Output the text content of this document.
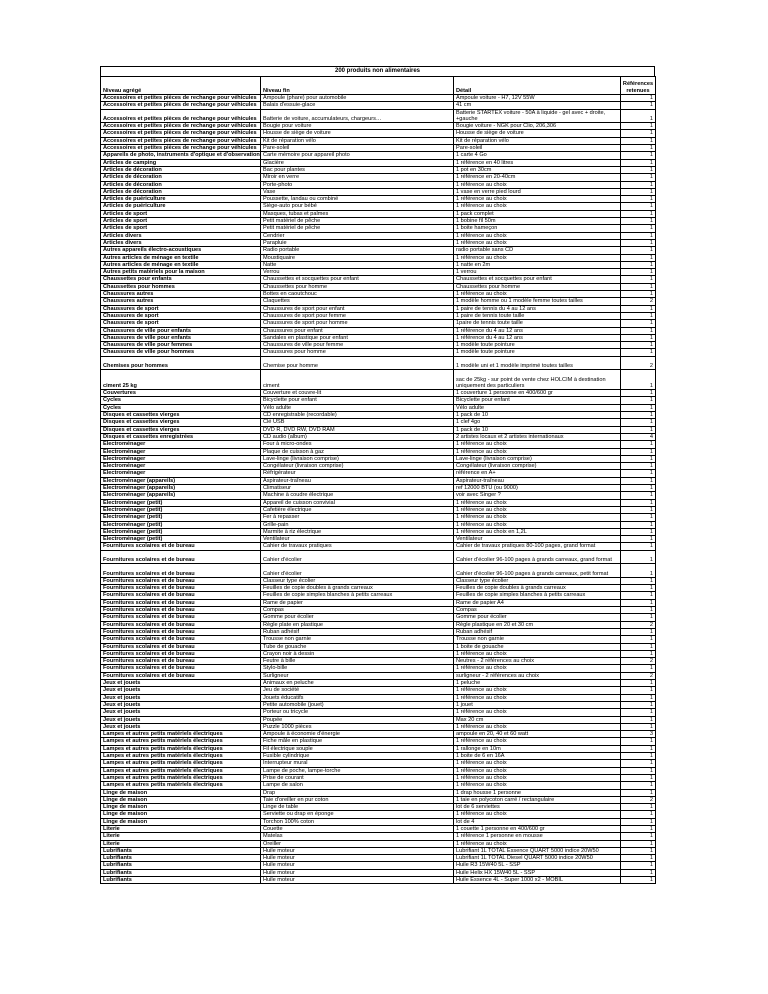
200 produits non alimentaires
Niveau agrégé	Niveau fin	Détail	Références retenues
Accessoires et petites pièces de rechange pour véhicules	Ampoule (phare) pour automobile	Ampoule voiture - H7, 12V 55W	1
Accessoires et petites pièces de rechange pour véhicules	Balais d'essuie-glace	41 cm	1
Accessoires et petites pièces de rechange pour véhicules	Batterie de voiture, accumulateurs, chargeurs…	Batterie STARTEX voiture - 50A à liquide - gel avec + droite, +gauche	1
Accessoires et petites pièces de rechange pour véhicules	Bougie pour voiture	Bougie voiture - NGK pour Clio, 206,306	1
Accessoires et petites pièces de rechange pour véhicules	Housse de siège de voiture	Housse de siège de voiture	1
Accessoires et petites pièces de rechange pour véhicules	Kit de réparation vélo	Kit de réparation vélo	1
Accessoires et petites pièces de rechange pour véhicules	Pare-soleil	Pare-soleil	1
Appareils de photo, instruments d'optique et d'observation	Carte mémoire pour appareil photo	1 carte 4 Go	1
Articles de camping	Glacière	1 référence en 40 litres	1
Articles de décoration	Bac pour plantes	1 pot en 30cm	1
Articles de décoration	Miroir en verre	1 référence en 20-40cm	1
Articles de décoration	Porte-photo	1 référence au choix	1
Articles de décoration	Vase	1 vase en verre pied lourd	1
Articles de puériculture	Poussette, landau ou combiné	1 référence au choix	1
Articles de puériculture	Siège-auto pour bébé	1 référence au choix	1
Articles de sport	Masques, tubas et palmes	1 pack complet	1
Articles de sport	Petit matériel de pêche	1 bobine fil 50m	1
Articles de sport	Petit matériel de pêche	1 boite hameçon	1
Articles divers	Cendrier	1 référence au choix	1
Articles divers	Parapluie	1 référence au choix	1
Autres appareils électro-acoustiques	Radio portable	radio portable sans CD	1
Autres articles de ménage en textile	Moustiquaire	1 référence au choix	1
Autres articles de ménage en textile	Natte	1 natte en 2m	1
Autres petits matériels pour la maison	Verrou	1 verrou	1
Chaussettes pour enfants	Chaussettes et socquettes pour enfant	Chaussettes et socquettes pour enfant	1
Chaussettes pour hommes	Chaussettes pour homme	Chaussettes pour homme	1
Chaussures autres	Bottes en caoutchouc	1 référence au choix	1
Chaussures autres	Claquettes	1 modèle homme ou 1 modèle femme toutes tailles	2
Chaussures de sport	Chaussures de sport pour enfant	1 paire de tennis du 4 au 12 ans	1
Chaussures de sport	Chaussures de sport pour femme	1 paire de tennis toute taille	1
Chaussures de sport	Chaussures de sport pour homme	1paire de tennis toute taille	1
Chaussures de ville pour enfants	Chaussures pour enfant	1 référence du 4 au 12 ans	1
Chaussures de ville pour enfants	Sandales en plastique pour enfant	1 référence du 4 au 12 ans	1
Chaussures de ville pour femmes	Chaussures de ville pour femme	1 modèle toute pointure	1
Chaussures de ville pour hommes	Chaussures pour homme	1 modèle toute pointure	1
Chemises pour hommes	Chemise pour homme	1 modèle uni et 1 modèle imprimé toutes tailles	2
ciment 25 kg	ciment	sac de 25kg - sur point de vente chez HOLCIM à destination uniquement des particuliers	1
Couvertures	Couverture et couvre-lit	1 couverture 1 personne en 400/600 gr	1
Cycles	Bicyclette pour enfant	Bicyclette pour enfant	1
Cycles	Vélo adulte	Vélo adulte	1
Disques et cassettes vierges	CD enregistrable (recordable)	1 pack de 10	1
Disques et cassettes vierges	Clé USB	1 clef 4go	1
Disques et cassettes vierges	DVD R, DVD RW, DVD RAM	1 pack de 10	1
Disques et cassettes enregistrées	CD audio (album)	2 artistes locaux et 2 artistes internationaux	4
Electroménager	Four à micro-ondes	1 référence au choix	1
Electroménager	Plaque de cuisson à gaz	1 référence au choix	1
Electroménager	Lave-linge (livraison comprise)	Lave-linge (livraison comprise)	1
Electroménager	Congélateur (livraison comprise)	Congélateur (livraison comprise)	1
Electroménager	Réfrigérateur	référence en A+	1
Electroménager (appareils)	Aspirateur-traîneau	Aspirateur-traîneau	1
Electroménager (appareils)	Climatiseur	ref 12000 BTU (ou 9000)	1
Electroménager (appareils)	Machine à coudre électrique	voir avec Singer ?	1
Electroménager (petit)	Appareil de cuisson convivial	1 référence au choix	1
Electroménager (petit)	Cafetière électrique	1 référence au choix	1
Electroménager (petit)	Fer à repasser	1 référence au choix	1
Electroménager (petit)	Grille-pain	1 référence au choix	1
Electroménager (petit)	Marmite à riz électrique	1 référence au choix en 1,2L	1
Electroménager (petit)	Ventilateur	Ventilateur	1
Fournitures scolaires et de bureau	Cahier de travaux pratiques	Cahier de travaux pratiques 80-100 pages, grand format	1
Fournitures scolaires et de bureau	Cahier d'écolier	Cahier d'écolier 96-100 pages à grands carreaux, grand format	1
Fournitures scolaires et de bureau	Cahier d'écolier	Cahier d'écolier 96-100 pages à grands carreaux, petit format	1
Fournitures scolaires et de bureau	Classeur type écolier	Classeur type écolier	1
Fournitures scolaires et de bureau	Feuilles de copie doubles à grands carreaux	Feuilles de copie doubles à grands carreaux	1
Fournitures scolaires et de bureau	Feuilles de copie simples blanches à petits carreaux	Feuilles de copie simples blanches à petits carreaux	1
Fournitures scolaires et de bureau	Rame de papier	Rame de papier A4	1
Fournitures scolaires et de bureau	Compas	Compas	1
Fournitures scolaires et de bureau	Gomme pour écolier	Gomme pour écolier	1
Fournitures scolaires et de bureau	Règle plate en plastique	Règle plastique en 20 et 30 cm	2
Fournitures scolaires et de bureau	Ruban adhésif	Ruban adhésif	1
Fournitures scolaires et de bureau	Trousse non garnie	Trousse non garnie	1
Fournitures scolaires et de bureau	Tube de gouache	1 boite de gouache	1
Fournitures scolaires et de bureau	Crayon noir à dessin	1 référence au choix	1
Fournitures scolaires et de bureau	Feutre à bille	Neutres - 2 références au choix	2
Fournitures scolaires et de bureau	Stylo-bille	1 référence au choix	1
Fournitures scolaires et de bureau	Surligneur	surligneur - 2 références au choix	2
Jeux et jouets	Animaux en peluche	1 peluche	1
Jeux et jouets	Jeu de société	1 référence au choix	1
Jeux et jouets	Jouets éducatifs	1 référence au choix	1
Jeux et jouets	Petite automobile (jouet)	1 jouet	1
Jeux et jouets	Porteur ou tricycle	1 référence au choix	1
Jeux et jouets	Poupée	Max 20 cm	1
Jeux et jouets	Puzzle 1000 pièces	1 référence au choix	1
Lampes et autres petits matériels électriques	Ampoule à économie d'énergie	ampoule en 20, 40 et 60 watt	3
Lampes et autres petits matériels électriques	Fiche mâle en plastique	1 référence au choix	1
Lampes et autres petits matériels électriques	Fil électrique souple	1 rallonge en 10m	1
Lampes et autres petits matériels électriques	Fusible cylindrique	1 boite de 6 en 16A	1
Lampes et autres petits matériels électriques	Interrupteur mural	1 référence au choix	1
Lampes et autres petits matériels électriques	Lampe de poche, lampe-torche	1 référence au choix	1
Lampes et autres petits matériels électriques	Prise de courant	1 référence au choix	1
Lampes et autres petits matériels électriques	Lampe de salon	1 référence au choix	1
Linge de maison	Drap	1 drap housse 1 personne	1
Linge de maison	Taie d'oreiller en pur coton	1 taie en polycoton carré / rectangulaire	2
Linge de maison	Linge de table	lot de 6 serviettes	1
Linge de maison	Serviette ou drap en éponge	1 référence au choix	1
Linge de maison	Torchon 100% coton	lot de 4	1
Literie	Couette	1 couette 1 personne en 400/600 gr	1
Literie	Matelas	1 référence 1 personne en mousse	1
Literie	Oreiller	1 référence au choix	1
Lubrifiants	Huile moteur	Lubrifiant 1L TOTAL Essence QUART 5000 indice 20W50	1
Lubrifiants	Huile moteur	Lubrifiant 1L TOTAL Diesel QUART 5000 indice 20W50	1
Lubrifiants	Huile moteur	Huile R3 15W40 5L - SSP	1
Lubrifiants	Huile moteur	Huile Helix HX 15W40 5L - SSP	1
Lubrifiants	Huile moteur	Huile Essence 4L - Super 1000 x2 - MOBIL	1
